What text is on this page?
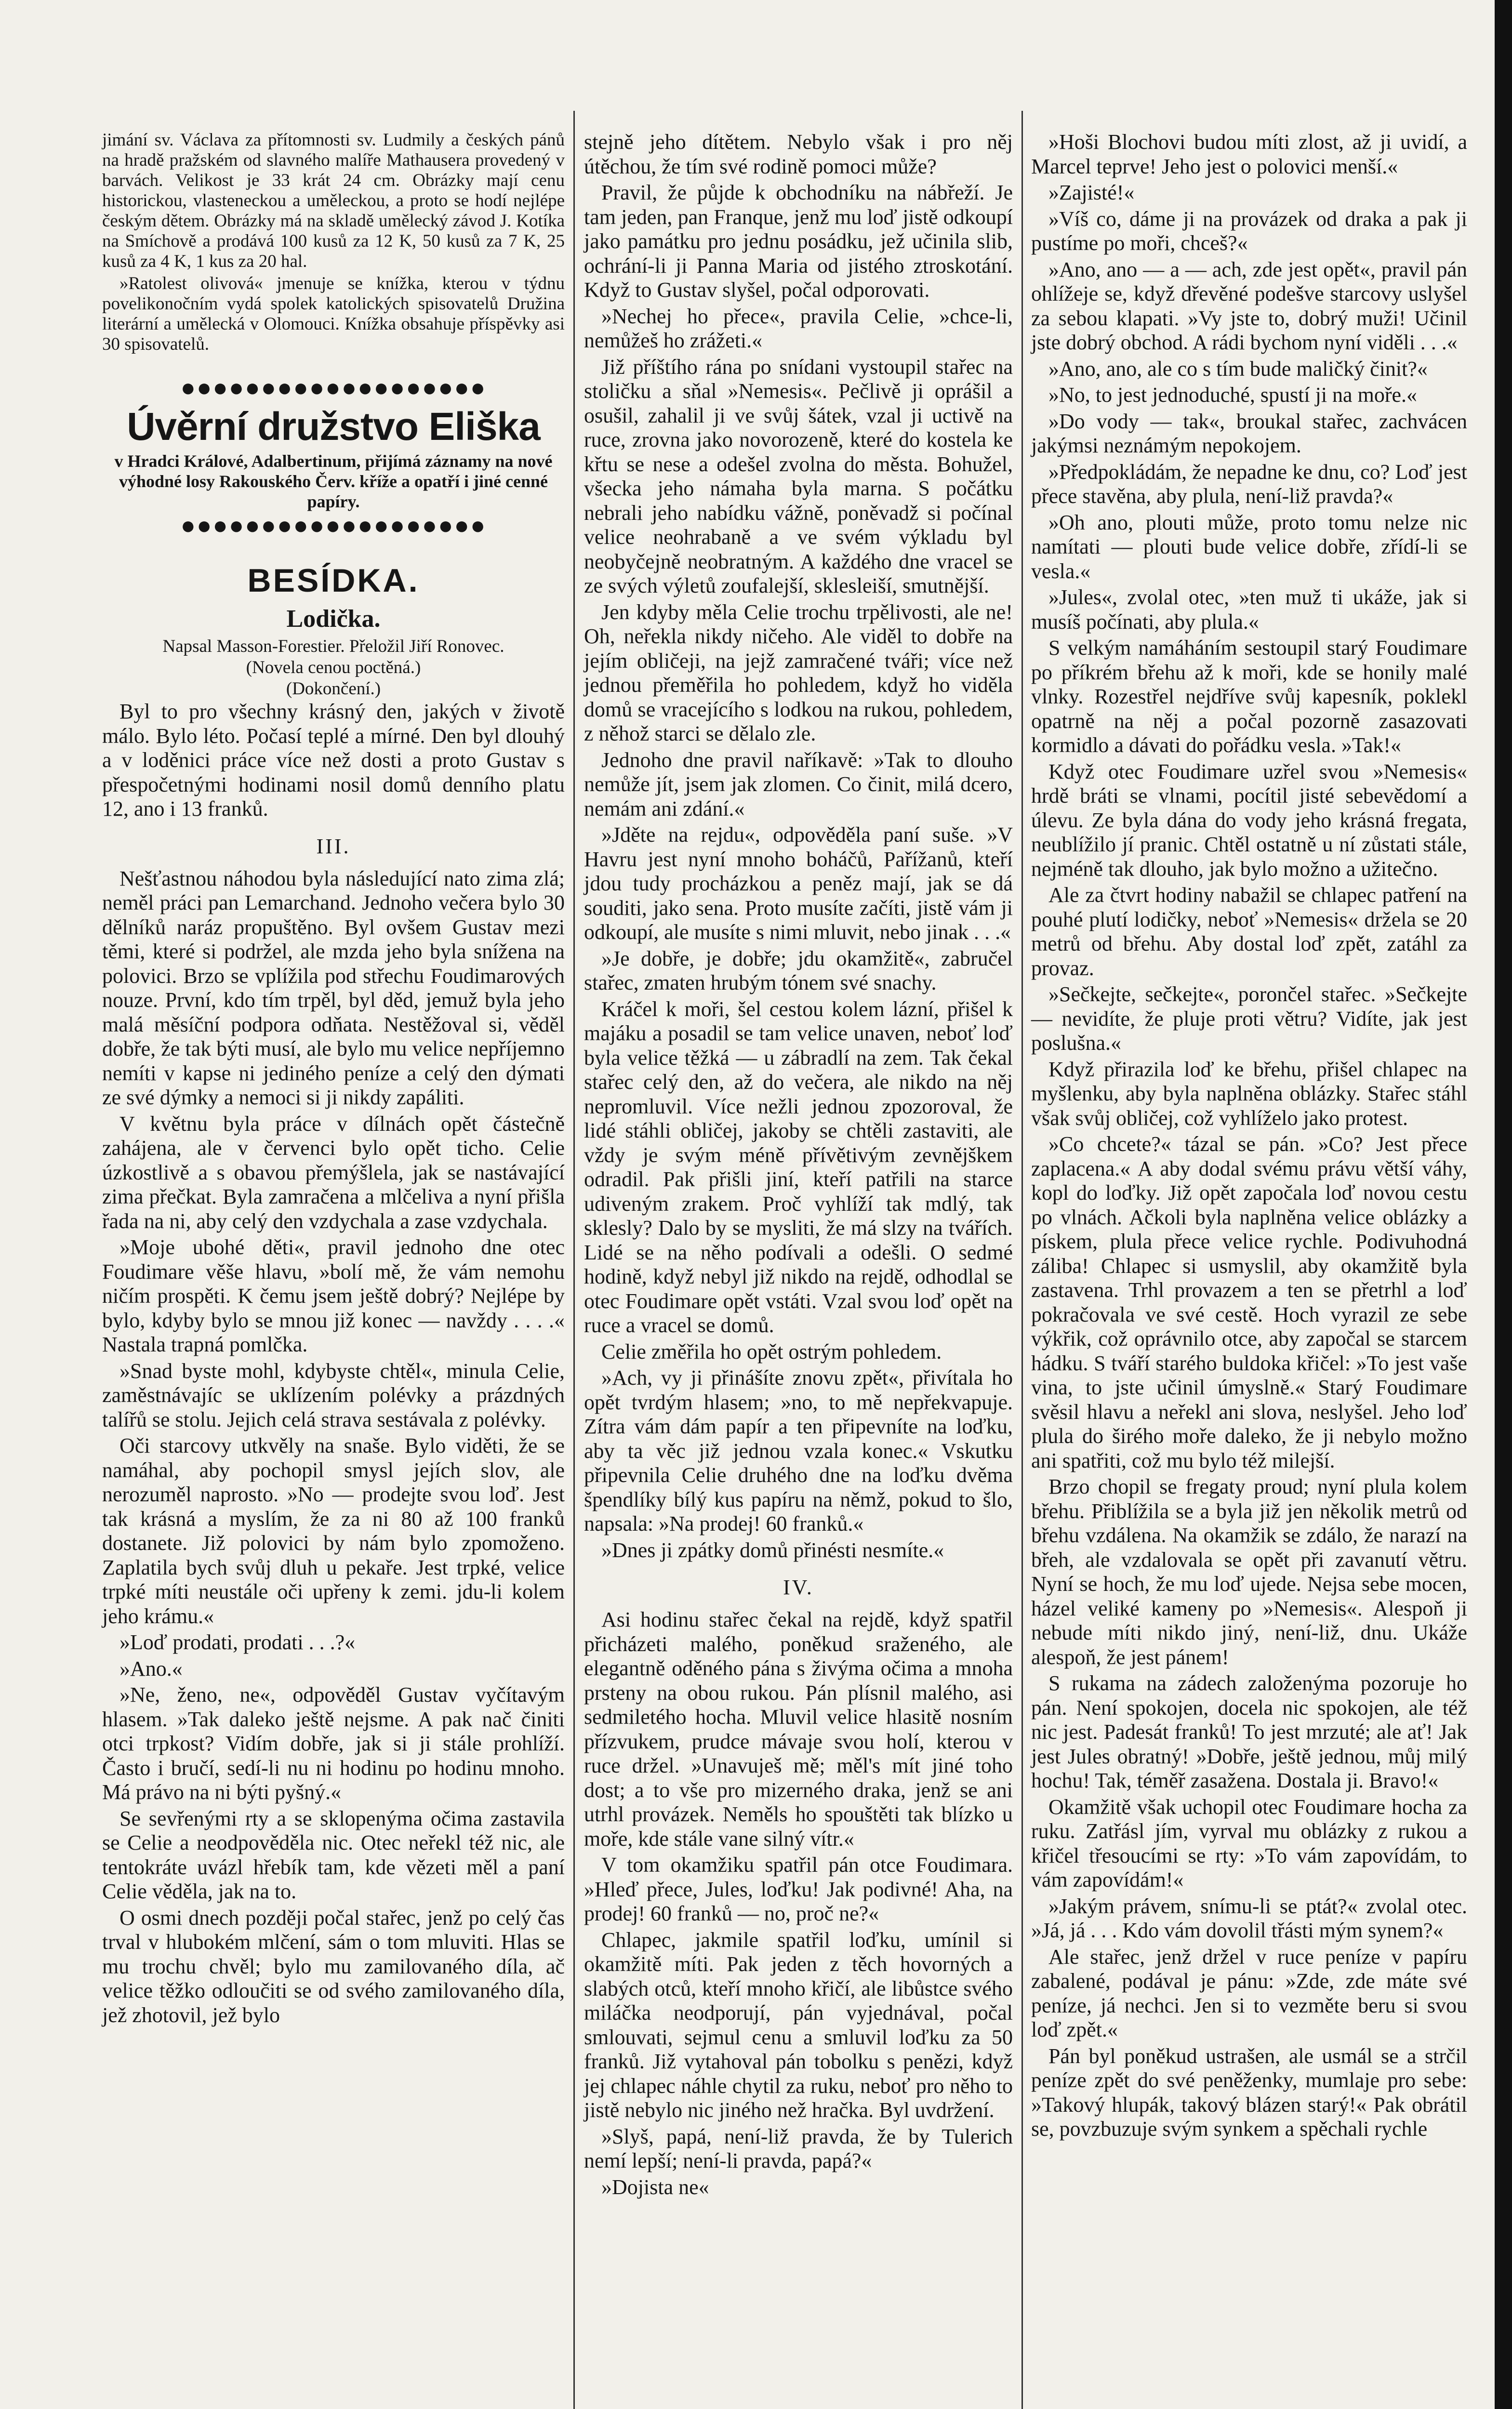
jimání sv. Václava za přítomnosti sv. Ludmily a českých pánů na hradě pražském od slavného malíře Mathausera provedený v barvách. Velikost je 33 krát 24 cm. Obrázky mají cenu historickou, vlasteneckou a uměleckou, a proto se hodí nejlépe českým dětem. Obrázky má na skladě umělecký závod J. Kotíka na Smíchově a prodává 100 kusů za 12 K, 50 kusů za 7 K, 25 kusů za 4 K, 1 kus za 20 hal.

»Ratolest olivová« jmenuje se knížka, kterou v týdnu povelikonočním vydá spolek katolických spisovatelů Družina literární a umělecká v Olomouci. Knížka obsahuje příspěvky asi 30 spisovatelů.

●●●●●●●●●●●●●●●●●●●
Úvěrní družstvo Eliška
v Hradci Králové, Adalbertinum, přijímá záznamy na nové výhodné losy Rakouského Červ. kříže a opatří i jiné cenné papíry.
●●●●●●●●●●●●●●●●●●●
BESÍDKA.
Lodička.
Napsal Masson-Forestier. Přeložil Jiří Ronovec.
(Novela cenou poctěná.)
(Dokončení.)

Byl to pro všechny krásný den, jakých v životě málo. Bylo léto. Počasí teplé a mírné. Den byl dlouhý a v loděnici práce více než dosti a proto Gustav s přespočetnými hodinami nosil domů denního platu 12, ano i 13 franků.

III.

Nešťastnou náhodou byla následující nato zima zlá; neměl práci pan Lemarchand. Jednoho večera bylo 30 dělníků naráz propuštěno. Byl ovšem Gustav mezi těmi, které si podržel, ale mzda jeho byla snížena na polovici. Brzo se vplížila pod střechu Foudimarových nouze. První, kdo tím trpěl, byl děd, jemuž byla jeho malá měsíční podpora odňata. Nestěžoval si, věděl dobře, že tak býti musí, ale bylo mu velice nepříjemno nemíti v kapse ni jediného peníze a celý den dýmati ze své dýmky a nemoci si ji nikdy zapáliti.

V květnu byla práce v dílnách opět částečně zahájena, ale v červenci bylo opět ticho. Celie úzkostlivě a s obavou přemýšlela, jak se nastávající zima přečkat. Byla zamračena a mlčeliva a nyní přišla řada na ni, aby celý den vzdychala a zase vzdychala.

»Moje ubohé děti«, pravil jednoho dne otec Foudimare věše hlavu, »bolí mě, že vám nemohu ničím prospěti. K čemu jsem ještě dobrý? Nejlépe by bylo, kdyby bylo se mnou již konec — navždy . . . .« Nastala trapná pomlčka.

»Snad byste mohl, kdybyste chtěl«, minula Celie, zaměstnávajíc se uklízením polévky a prázdných talířů se stolu. Jejich celá strava sestávala z polévky.

Oči starcovy utkvěly na snaše. Bylo viděti, že se namáhal, aby pochopil smysl jejích slov, ale nerozuměl naprosto. »No — prodejte svou loď. Jest tak krásná a myslím, že za ni 80 až 100 franků dostanete. Již polovici by nám bylo zpomoženo. Zaplatila bych svůj dluh u pekaře. Jest trpké, velice trpké míti neustále oči upřeny k zemi. jdu-li kolem jeho krámu.«

»Loď prodati, prodati . . .?«

»Ano.«

»Ne, ženo, ne«, odpověděl Gustav vyčítavým hlasem. »Tak daleko ještě nejsme. A pak nač činiti otci trpkost? Vidím dobře, jak si ji stále prohlíží. Často i bručí, sedí-li nu ni hodinu po hodinu mnoho. Má právo na ni býti pyšný.«

Se sevřenými rty a se sklopenýma očima zastavila se Celie a neodpověděla nic. Otec neřekl též nic, ale tentokráte uvázl hřebík tam, kde vězeti měl a paní Celie věděla, jak na to.

O osmi dnech později počal stařec, jenž po celý čas trval v hlubokém mlčení, sám o tom mluviti. Hlas se mu trochu chvěl; bylo mu zamilovaného díla, ač velice těžko odloučiti se od svého zamilovaného díla, jež zhotovil, jež bylo

stejně jeho dítětem. Nebylo však i pro něj útěchou, že tím své rodině pomoci může?

Pravil, že půjde k obchodníku na nábřeží. Je tam jeden, pan Franque, jenž mu loď jistě odkoupí jako památku pro jednu posádku, jež učinila slib, ochrání-li ji Panna Maria od jistého ztroskotání. Když to Gustav slyšel, počal odporovati.

»Nechej ho přece«, pravila Celie, »chce-li, nemůžeš ho zrážeti.«

Již příštího rána po snídani vystoupil stařec na stoličku a sňal »Nemesis«. Pečlivě ji oprášil a osušil, zahalil ji ve svůj šátek, vzal ji uctivě na ruce, zrovna jako novorozeně, které do kostela ke křtu se nese a odešel zvolna do města. Bohužel, všecka jeho námaha byla marna. S počátku nebrali jeho nabídku vážně, poněvadž si počínal velice neohrabaně a ve svém výkladu byl neobyčejně neobratným. A každého dne vracel se ze svých výletů zoufalejší, sklesleiší, smutnější.

Jen kdyby měla Celie trochu trpělivosti, ale ne! Oh, neřekla nikdy ničeho. Ale viděl to dobře na jejím obličeji, na jejž zamračené tváři; více než jednou přeměřila ho pohledem, když ho viděla domů se vracejícího s lodkou na rukou, pohledem, z něhož starci se dělalo zle.

Jednoho dne pravil naříkavě: »Tak to dlouho nemůže jít, jsem jak zlomen. Co činit, milá dcero, nemám ani zdání.«

»Jděte na rejdu«, odpověděla paní suše. »V Havru jest nyní mnoho boháčů, Pařížanů, kteří jdou tudy procházkou a peněz mají, jak se dá souditi, jako sena. Proto musíte začíti, jistě vám ji odkoupí, ale musíte s nimi mluvit, nebo jinak . . .«

»Je dobře, je dobře; jdu okamžitě«, zabručel stařec, zmaten hrubým tónem své snachy.

Kráčel k moři, šel cestou kolem lázní, přišel k majáku a posadil se tam velice unaven, neboť loď byla velice těžká — u zábradlí na zem. Tak čekal stařec celý den, až do večera, ale nikdo na něj nepromluvil. Více nežli jednou zpozoroval, že lidé stáhli obličej, jakoby se chtěli zastaviti, ale vždy je svým méně přívětivým zevnějškem odradil. Pak přišli jiní, kteří patřili na starce udiveným zrakem. Proč vyhlíží tak mdlý, tak sklesly? Dalo by se mysliti, že má slzy na tvářích. Lidé se na něho podívali a odešli. O sedmé hodině, když nebyl již nikdo na rejdě, odhodlal se otec Foudimare opět vstáti. Vzal svou loď opět na ruce a vracel se domů.

Celie změřila ho opět ostrým pohledem.

»Ach, vy ji přinášíte znovu zpět«, přivítala ho opět tvrdým hlasem; »no, to mě nepřekvapuje. Zítra vám dám papír a ten připevníte na loďku, aby ta věc již jednou vzala konec.« Vskutku připevnila Celie druhého dne na loďku dvěma špendlíky bílý kus papíru na němž, pokud to šlo, napsala: »Na prodej! 60 franků.«

»Dnes ji zpátky domů přinésti nesmíte.«

IV.

Asi hodinu stařec čekal na rejdě, když spatřil přicházeti malého, poněkud sraženého, ale elegantně oděného pána s živýma očima a mnoha prsteny na obou rukou. Pán plísnil malého, asi sedmiletého hocha. Mluvil velice hlasitě nosním přízvukem, prudce mávaje svou holí, kterou v ruce držel. »Unavuješ mě; měl's mít jiné toho dost; a to vše pro mizerného draka, jenž se ani utrhl provázek. Neměls ho spouštěti tak blízko u moře, kde stále vane silný vítr.«

V tom okamžiku spatřil pán otce Foudimara. »Hleď přece, Jules, loďku! Jak podivné! Aha, na prodej! 60 franků — no, proč ne?«

Chlapec, jakmile spatřil loďku, umínil si okamžitě míti. Pak jeden z těch hovorných a slabých otců, kteří mnoho křičí, ale libůstce svého miláčka neodporují, pán vyjednával, počal smlouvati, sejmul cenu a smluvil loďku za 50 franků. Již vytahoval pán tobolku s penězi, když jej chlapec náhle chytil za ruku, neboť pro něho to jistě nebylo nic jiného než hračka. Byl uvdržení.

»Slyš, papá, není-liž pravda, že by Tulerich nemí lepší; není-li pravda, papá?«

»Dojista ne«

»Hoši Blochovi budou míti zlost, až ji uvidí, a Marcel teprve! Jeho jest o polovici menší.«

»Zajisté!«

»Víš co, dáme ji na provázek od draka a pak ji pustíme po moři, chceš?«

»Ano, ano — a — ach, zde jest opět«, pravil pán ohlížeje se, když dřevěné podešve starcovy uslyšel za sebou klapati. »Vy jste to, dobrý muži! Učinil jste dobrý obchod. A rádi bychom nyní viděli . . .«

»Ano, ano, ale co s tím bude maličký činit?«

»No, to jest jednoduché, spustí ji na moře.«

»Do vody — tak«, broukal stařec, zachvácen jakýmsi neznámým nepokojem.

»Předpokládám, že nepadne ke dnu, co? Loď jest přece stavěna, aby plula, není-liž pravda?«

»Oh ano, plouti může, proto tomu nelze nic namítati — plouti bude velice dobře, zřídí-li se vesla.«

»Jules«, zvolal otec, »ten muž ti ukáže, jak si musíš počínati, aby plula.«

S velkým namáháním sestoupil starý Foudimare po příkrém břehu až k moři, kde se honily malé vlnky. Rozestřel nejdříve svůj kapesník, poklekl opatrně na něj a počal pozorně zasazovati kormidlo a dávati do pořádku vesla. »Tak!«

Když otec Foudimare uzřel svou »Nemesis« hrdě bráti se vlnami, pocítil jisté sebevědomí a úlevu. Ze byla dána do vody jeho krásná fregata, neublížilo jí pranic. Chtěl ostatně u ní zůstati stále, nejméně tak dlouho, jak bylo možno a užitečno.

Ale za čtvrt hodiny nabažil se chlapec patření na pouhé plutí lodičky, neboť »Nemesis« držela se 20 metrů od břehu. Aby dostal loď zpět, zatáhl za provaz.

»Sečkejte, sečkejte«, porončel stařec. »Sečkejte — nevidíte, že pluje proti větru? Vidíte, jak jest poslušna.«

Když přirazila loď ke břehu, přišel chlapec na myšlenku, aby byla naplněna oblázky. Stařec stáhl však svůj obličej, což vyhlíželo jako protest.

»Co chcete?« tázal se pán. »Co? Jest přece zaplacena.« A aby dodal svému právu větší váhy, kopl do loďky. Již opět započala loď novou cestu po vlnách. Ačkoli byla naplněna velice oblázky a pískem, plula přece velice rychle. Podivuhodná záliba! Chlapec si usmyslil, aby okamžitě byla zastavena. Trhl provazem a ten se přetrhl a loď pokračovala ve své cestě. Hoch vyrazil ze sebe výkřik, což oprávnilo otce, aby započal se starcem hádku. S tváří starého buldoka křičel: »To jest vaše vina, to jste učinil úmyslně.« Starý Foudimare svěsil hlavu a neřekl ani slova, neslyšel. Jeho loď plula do širého moře daleko, že ji nebylo možno ani spatřiti, což mu bylo též milejší.

Brzo chopil se fregaty proud; nyní plula kolem břehu. Přiblížila se a byla již jen několik metrů od břehu vzdálena. Na okamžik se zdálo, že narazí na břeh, ale vzdalovala se opět při zavanutí větru. Nyní se hoch, že mu loď ujede. Nejsa sebe mocen, házel veliké kameny po »Nemesis«. Alespoň ji nebude míti nikdo jiný, není-liž, dnu. Ukáže alespoň, že jest pánem!

S rukama na zádech založenýma pozoruje ho pán. Není spokojen, docela nic spokojen, ale též nic jest. Padesát franků! To jest mrzuté; ale ať! Jak jest Jules obratný! »Dobře, ještě jednou, můj milý hochu! Tak, téměř zasažena. Dostala ji. Bravo!«

Okamžitě však uchopil otec Foudimare hocha za ruku. Zatřásl jím, vyrval mu oblázky z rukou a křičel třesoucími se rty: »To vám zapovídám, to vám zapovídám!«

»Jakým právem, snímu-li se ptát?« zvolal otec. »Já, já . . . Kdo vám dovolil třásti mým synem?«

Ale stařec, jenž držel v ruce peníze v papíru zabalené, podával je pánu: »Zde, zde máte své peníze, já nechci. Jen si to vezměte beru si svou loď zpět.«

Pán byl poněkud ustrašen, ale usmál se a strčil peníze zpět do své peněženky, mumlaje pro sebe: »Takový hlupák, takový blázen starý!« Pak obrátil se, povzbuzuje svým synkem a spěchali rychle
